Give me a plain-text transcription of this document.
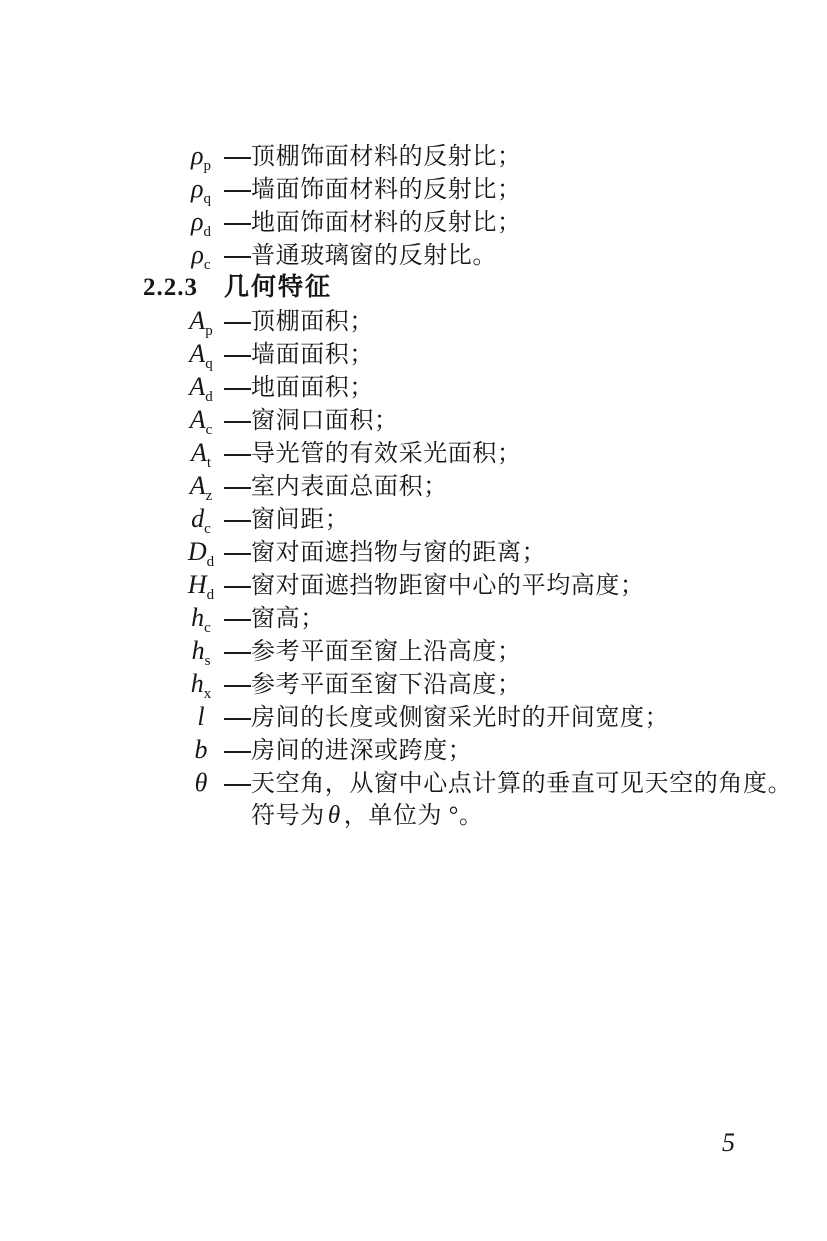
$\rho_p$	顶棚饰面材料的反射比；
$\rho_q$	墙面饰面材料的反射比；
$\rho_d$	地面饰面材料的反射比；
$\rho_c$	普通玻璃窗的反射比。
2.2.3 几何特征
$A_p$	顶棚面积；
$A_q$	墙面面积；
$A_d$	地面面积；
$A_c$	窗洞口面积；
$A_t$	导光管的有效采光面积；
$A_z$	室内表面总面积；
$d_c$	窗间距；
$D_d$	窗对面遮挡物与窗的距离；
$H_d$	窗对面遮挡物距窗中心的平均高度；
$h_c$	窗高；
$h_s$	参考平面至窗上沿高度；
$h_x$	参考平面至窗下沿高度；
l	房间的长度或侧窗采光时的开间宽度；
b	房间的进深或跨度；
θ	天空角，从窗中心点计算的垂直可见天空的角度。
符号为 θ ，单位为 °。
5
